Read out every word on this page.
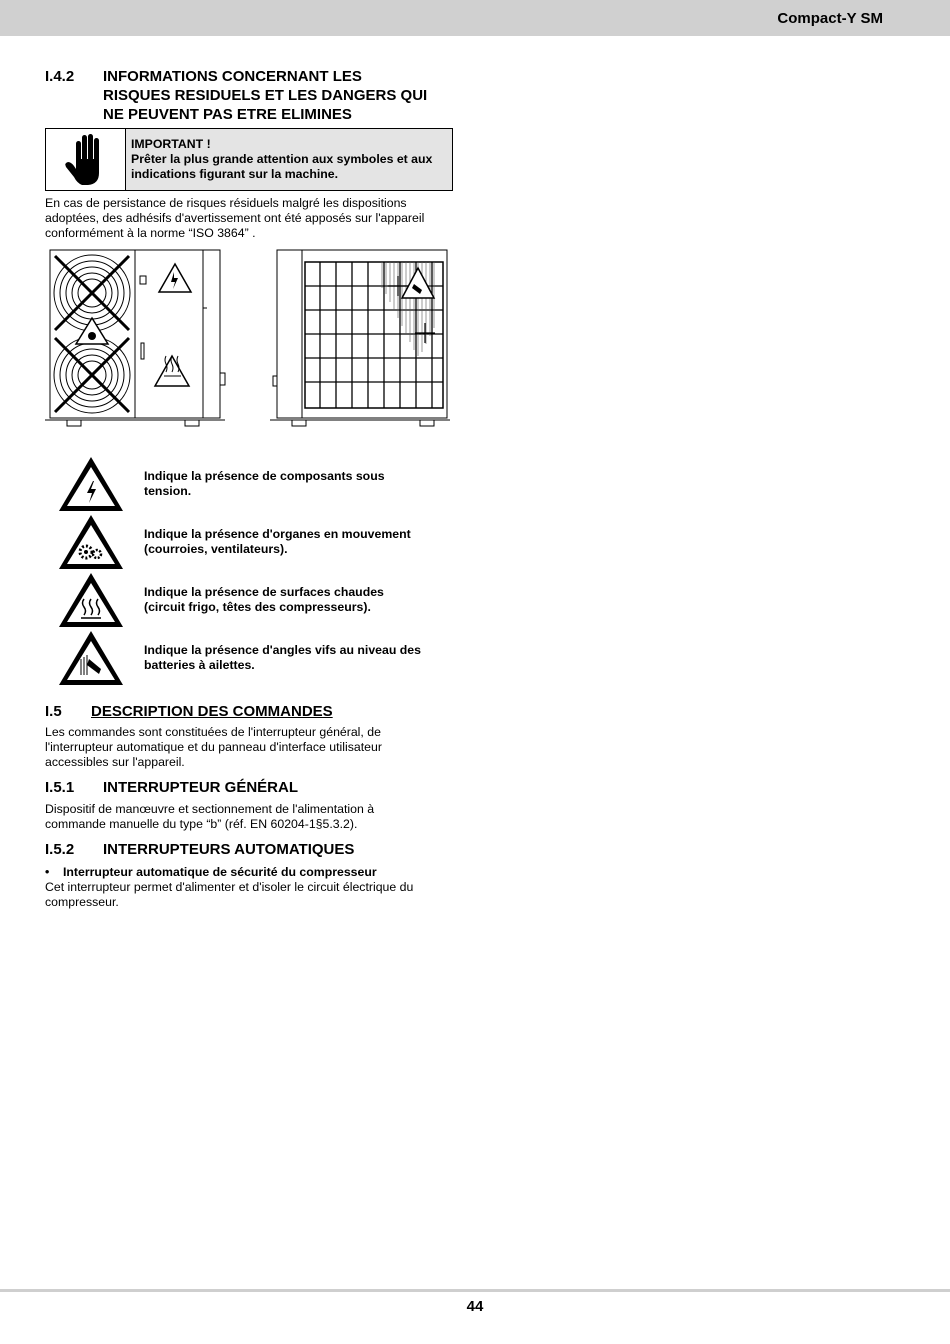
Compact-Y SM
I.4.2 INFORMATIONS CONCERNANT LES
RISQUES RESIDUELS ET LES DANGERS QUI
NE PEUVENT PAS ETRE ELIMINES
IMPORTANT !
Prêter la plus grande attention aux symboles et aux
indications figurant sur la machine.
En cas de persistance de risques résiduels malgré les dispositions
adoptées, des adhésifs d'avertissement ont été apposés sur l'appareil
conformément à la norme “ISO 3864” .
Indique la présence de composants sous
tension.
Indique la présence d'organes en mouvement
(courroies, ventilateurs).
Indique la présence de surfaces chaudes
(circuit frigo, têtes des compresseurs).
Indique la présence d'angles vifs au niveau des
batteries à ailettes.
I.5 DESCRIPTION DES COMMANDES
Les commandes sont constituées de l'interrupteur général, de
l'interrupteur automatique et du panneau d'interface utilisateur
accessibles sur l'appareil.
I.5.1 INTERRUPTEUR GÉNÉRAL
Dispositif de manœuvre et sectionnement de l'alimentation à
commande manuelle du type “b” (réf. EN 60204-1§5.3.2).
I.5.2 INTERRUPTEURS AUTOMATIQUES
• Interrupteur automatique de sécurité du compresseur
Cet interrupteur permet d'alimenter et d'isoler le circuit électrique du
compresseur.
44
